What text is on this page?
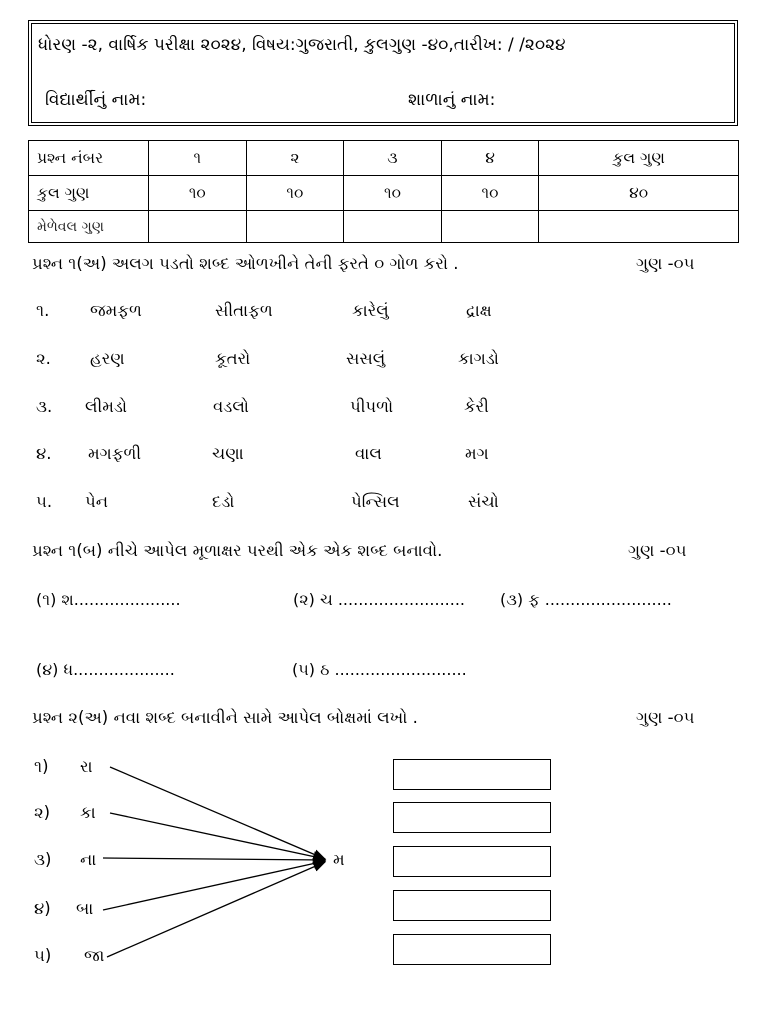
ધોરણ -૨, વાર્ષિક પરીક્ષા ૨૦૨૪, વિષય:ગુજરાતી, કુલગુણ -૪૦,તારીખ: / /૨૦૨૪
વિદ્યાર્થીનું નામ:	શાળાનું નામ:
પ્રશ્ન નંબર	૧	૨	૩	૪	કુલ ગુણ
કુલ ગુણ	૧૦	૧૦	૧૦	૧૦	૪૦
મેળેવલ ગુણ					
પ્રશ્ન ૧(અ) અલગ પડતો શબ્દ ઓળખીને તેની ફરતે ૦ ગોળ કરો .	ગુણ -૦૫
૧. જમફળ	સીતાફળ	કારેલું	દ્રાક્ષ
૨. હરણ	કૂતરો	સસલું	કાગડો
૩. લીમડો	વડલો	પીપળો	કેરી
૪. મગફળી	ચણા	વાલ	મગ
૫. પેન	દડો	પેન્સિલ	સંચો
પ્રશ્ન ૧(બ) નીચે આપેલ મૂળાક્ષર પરથી એક એક શબ્દ બનાવો.	ગુણ -૦૫
(૧) શ.....................	(૨) ચ ......................... (૩) ફ .........................
(૪) ધ....................	(૫) ઠ ..........................
પ્રશ્ન ૨(અ) નવા શબ્દ બનાવીને સામે આપેલ બોક્ષમાં લખો .	ગુણ -૦૫
૧) રા
૨) કા
૩) ના
૪) બા
૫) જા
મ
